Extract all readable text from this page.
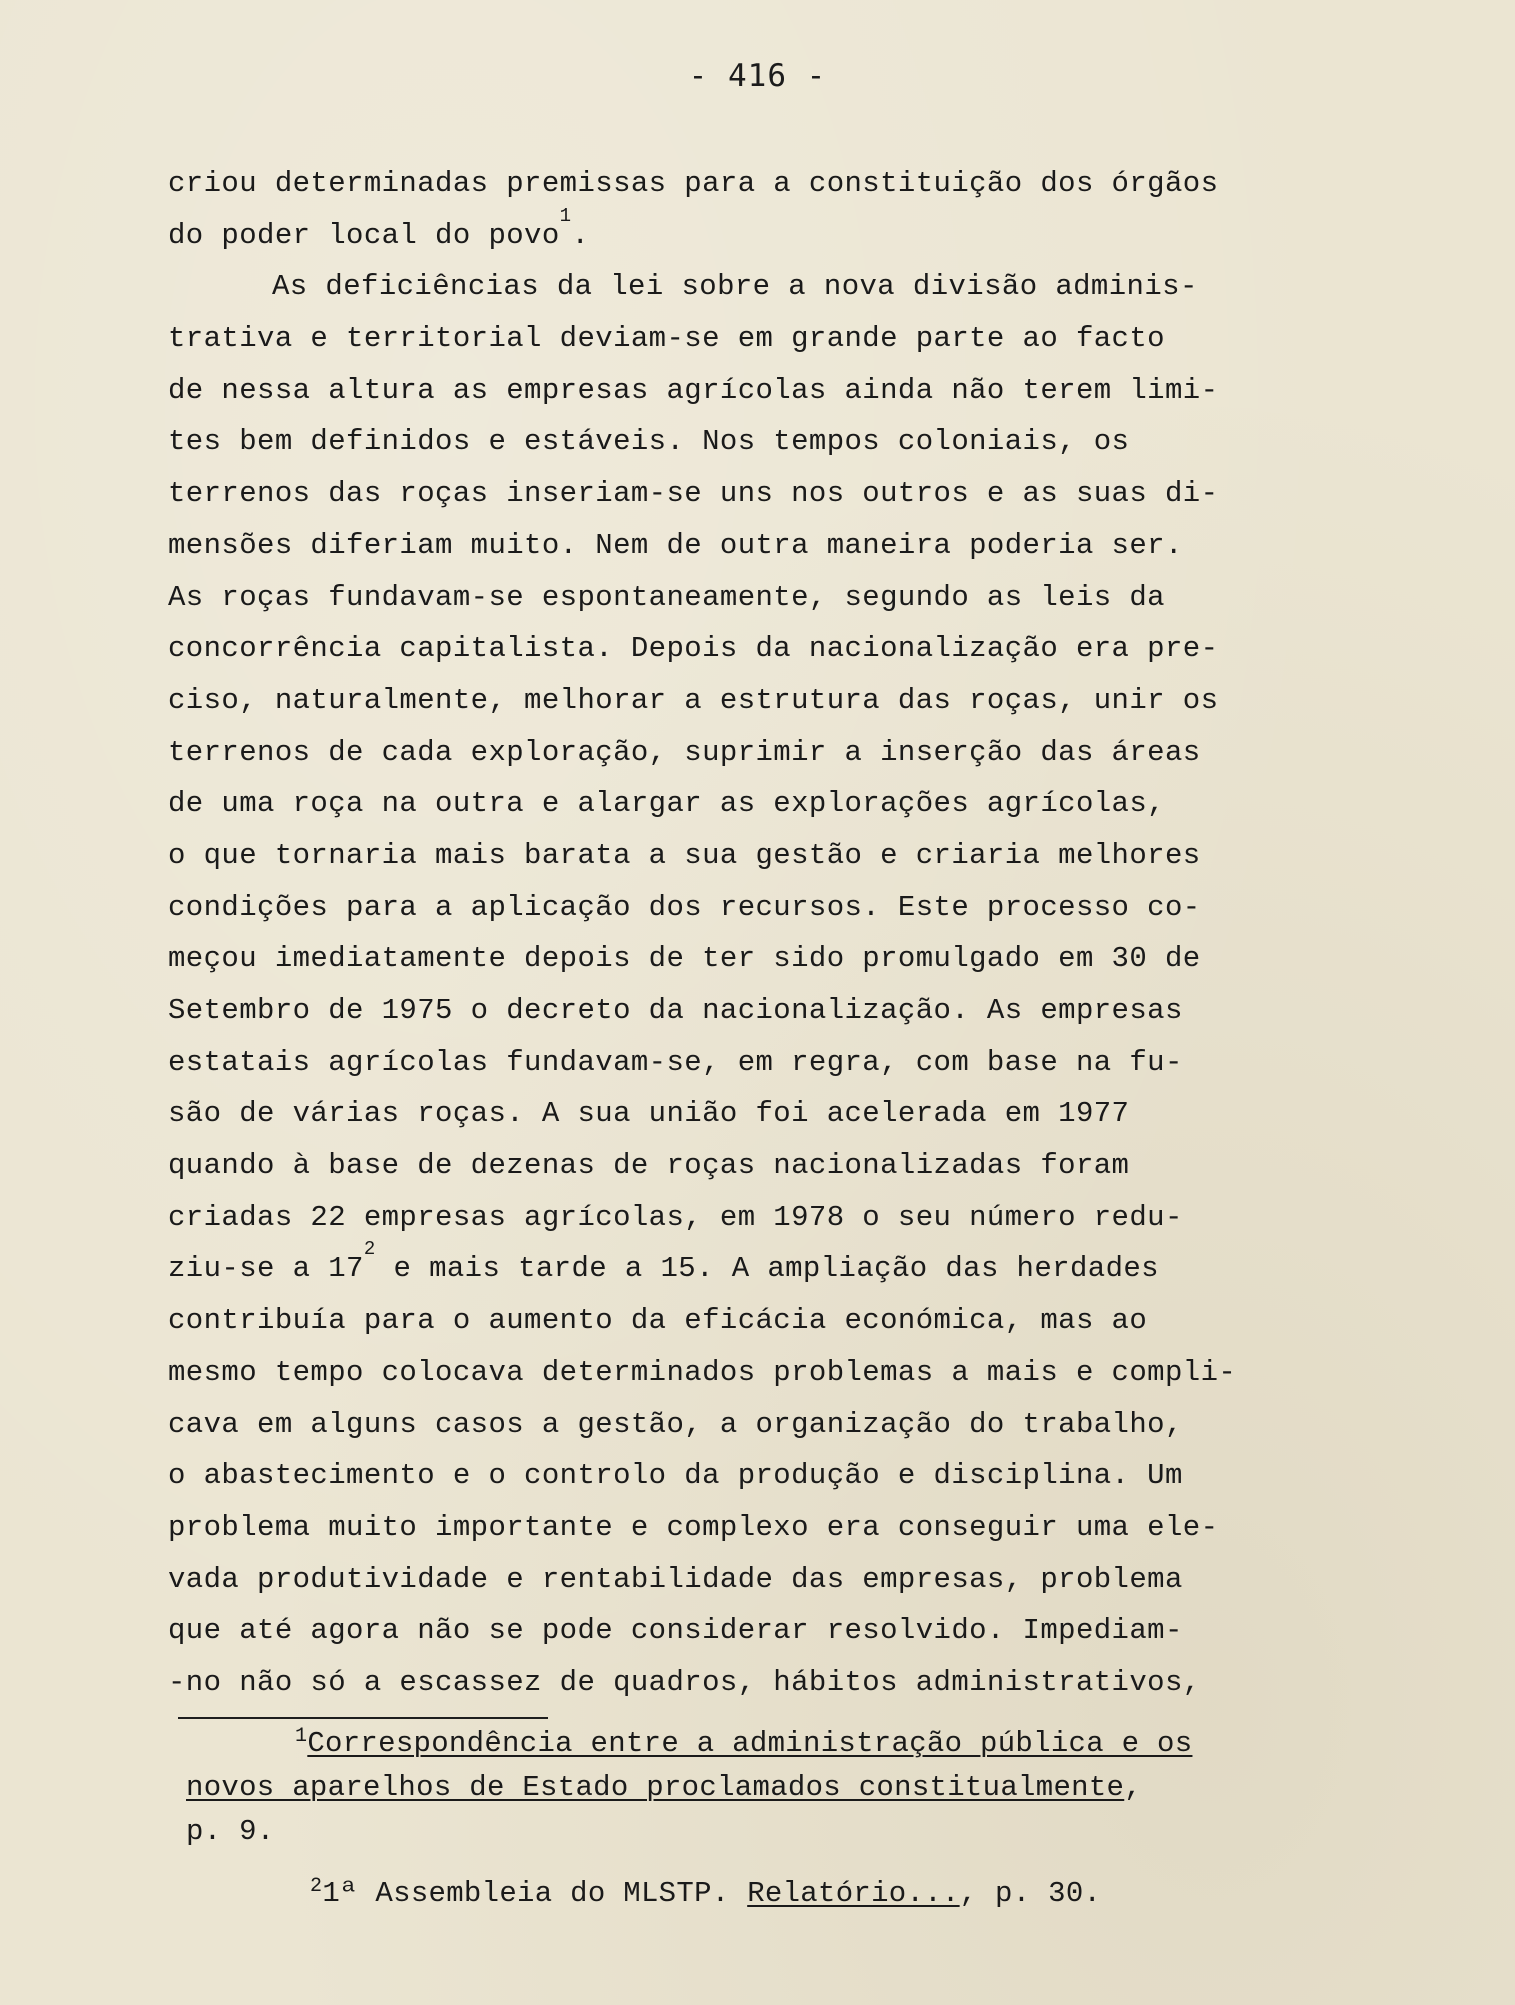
- 416 -
criou determinadas premissas para a constituição dos órgãos
do poder local do povo$^1$.
As deficiências da lei sobre a nova divisão adminis-
trativa e territorial deviam-se em grande parte ao facto
de nessa altura as empresas agrícolas ainda não terem limi-
tes bem definidos e estáveis. Nos tempos coloniais, os
terrenos das roças inseriam-se uns nos outros e as suas di-
mensões diferiam muito. Nem de outra maneira poderia ser.
As roças fundavam-se espontaneamente, segundo as leis da
concorrência capitalista. Depois da nacionalização era pre-
ciso, naturalmente, melhorar a estrutura das roças, unir os
terrenos de cada exploração, suprimir a inserção das áreas
de uma roça na outra e alargar as explorações agrícolas,
o que tornaria mais barata a sua gestão e criaria melhores
condições para a aplicação dos recursos. Este processo co-
meçou imediatamente depois de ter sido promulgado em 30 de
Setembro de 1975 o decreto da nacionalização. As empresas
estatais agrícolas fundavam-se, em regra, com base na fu-
são de várias roças. A sua união foi acelerada em 1977
quando à base de dezenas de roças nacionalizadas foram
criadas 22 empresas agrícolas, em 1978 o seu número redu-
ziu-se a $17^2$ e mais tarde a 15. A ampliação das herdades
contribuía para o aumento da eficácia económica, mas ao
mesmo tempo colocava determinados problemas a mais e compli-
cava em alguns casos a gestão, a organização do trabalho,
o abastecimento e o controlo da produção e disciplina. Um
problema muito importante e complexo era conseguir uma ele-
vada produtividade e rentabilidade das empresas, problema
que até agora não se pode considerar resolvido. Impediam-
-no não só a escassez de quadros, hábitos administrativos,
$^1$Correspondência entre a administração pública e os
novos aparelhos de Estado proclamados constitualmente,
p. 9.
$^2$1ª Assembleia do MLSTP. Relatório..., p. 30.
